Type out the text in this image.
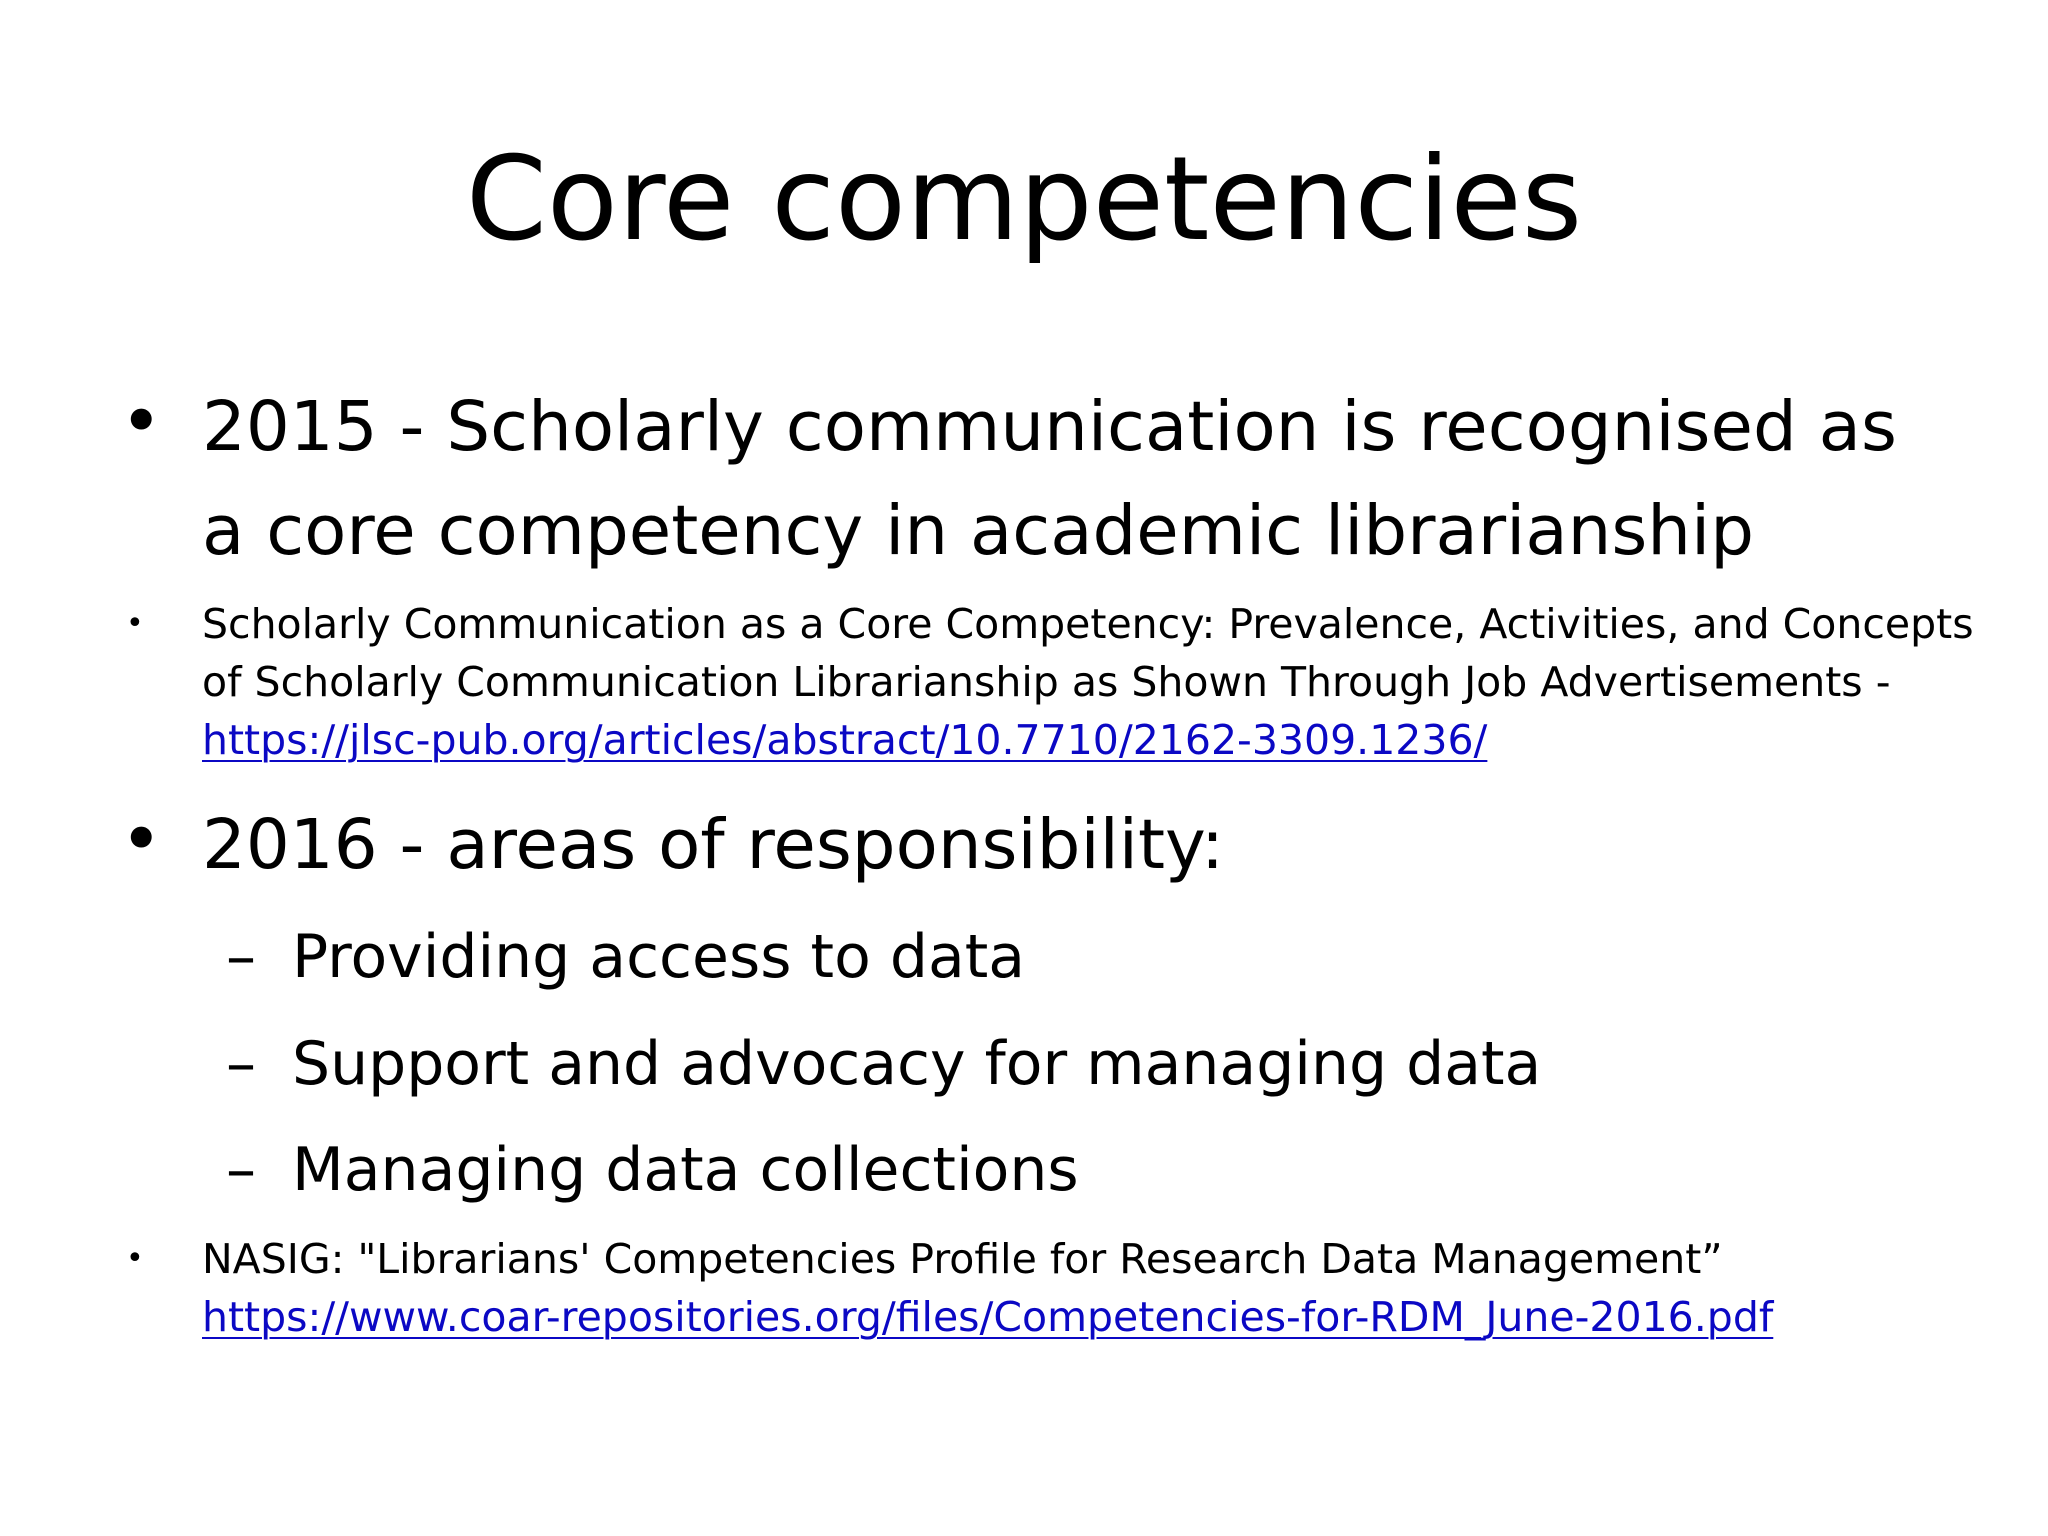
Core competencies
• 2015 - Scholarly communication is recognised as
a core competency in academic librarianship
• Scholarly Communication as a Core Competency: Prevalence, Activities, and Concepts
of Scholarly Communication Librarianship as Shown Through Job Advertisements -
https://jlsc-pub.org/articles/abstract/10.7710/2162-3309.1236/
• 2016 - areas of responsibility:
– Providing access to data
– Support and advocacy for managing data
– Managing data collections
• NASIG: "Librarians' Competencies Profile for Research Data Management”
https://www.coar-repositories.org/files/Competencies-for-RDM_June-2016.pdf
